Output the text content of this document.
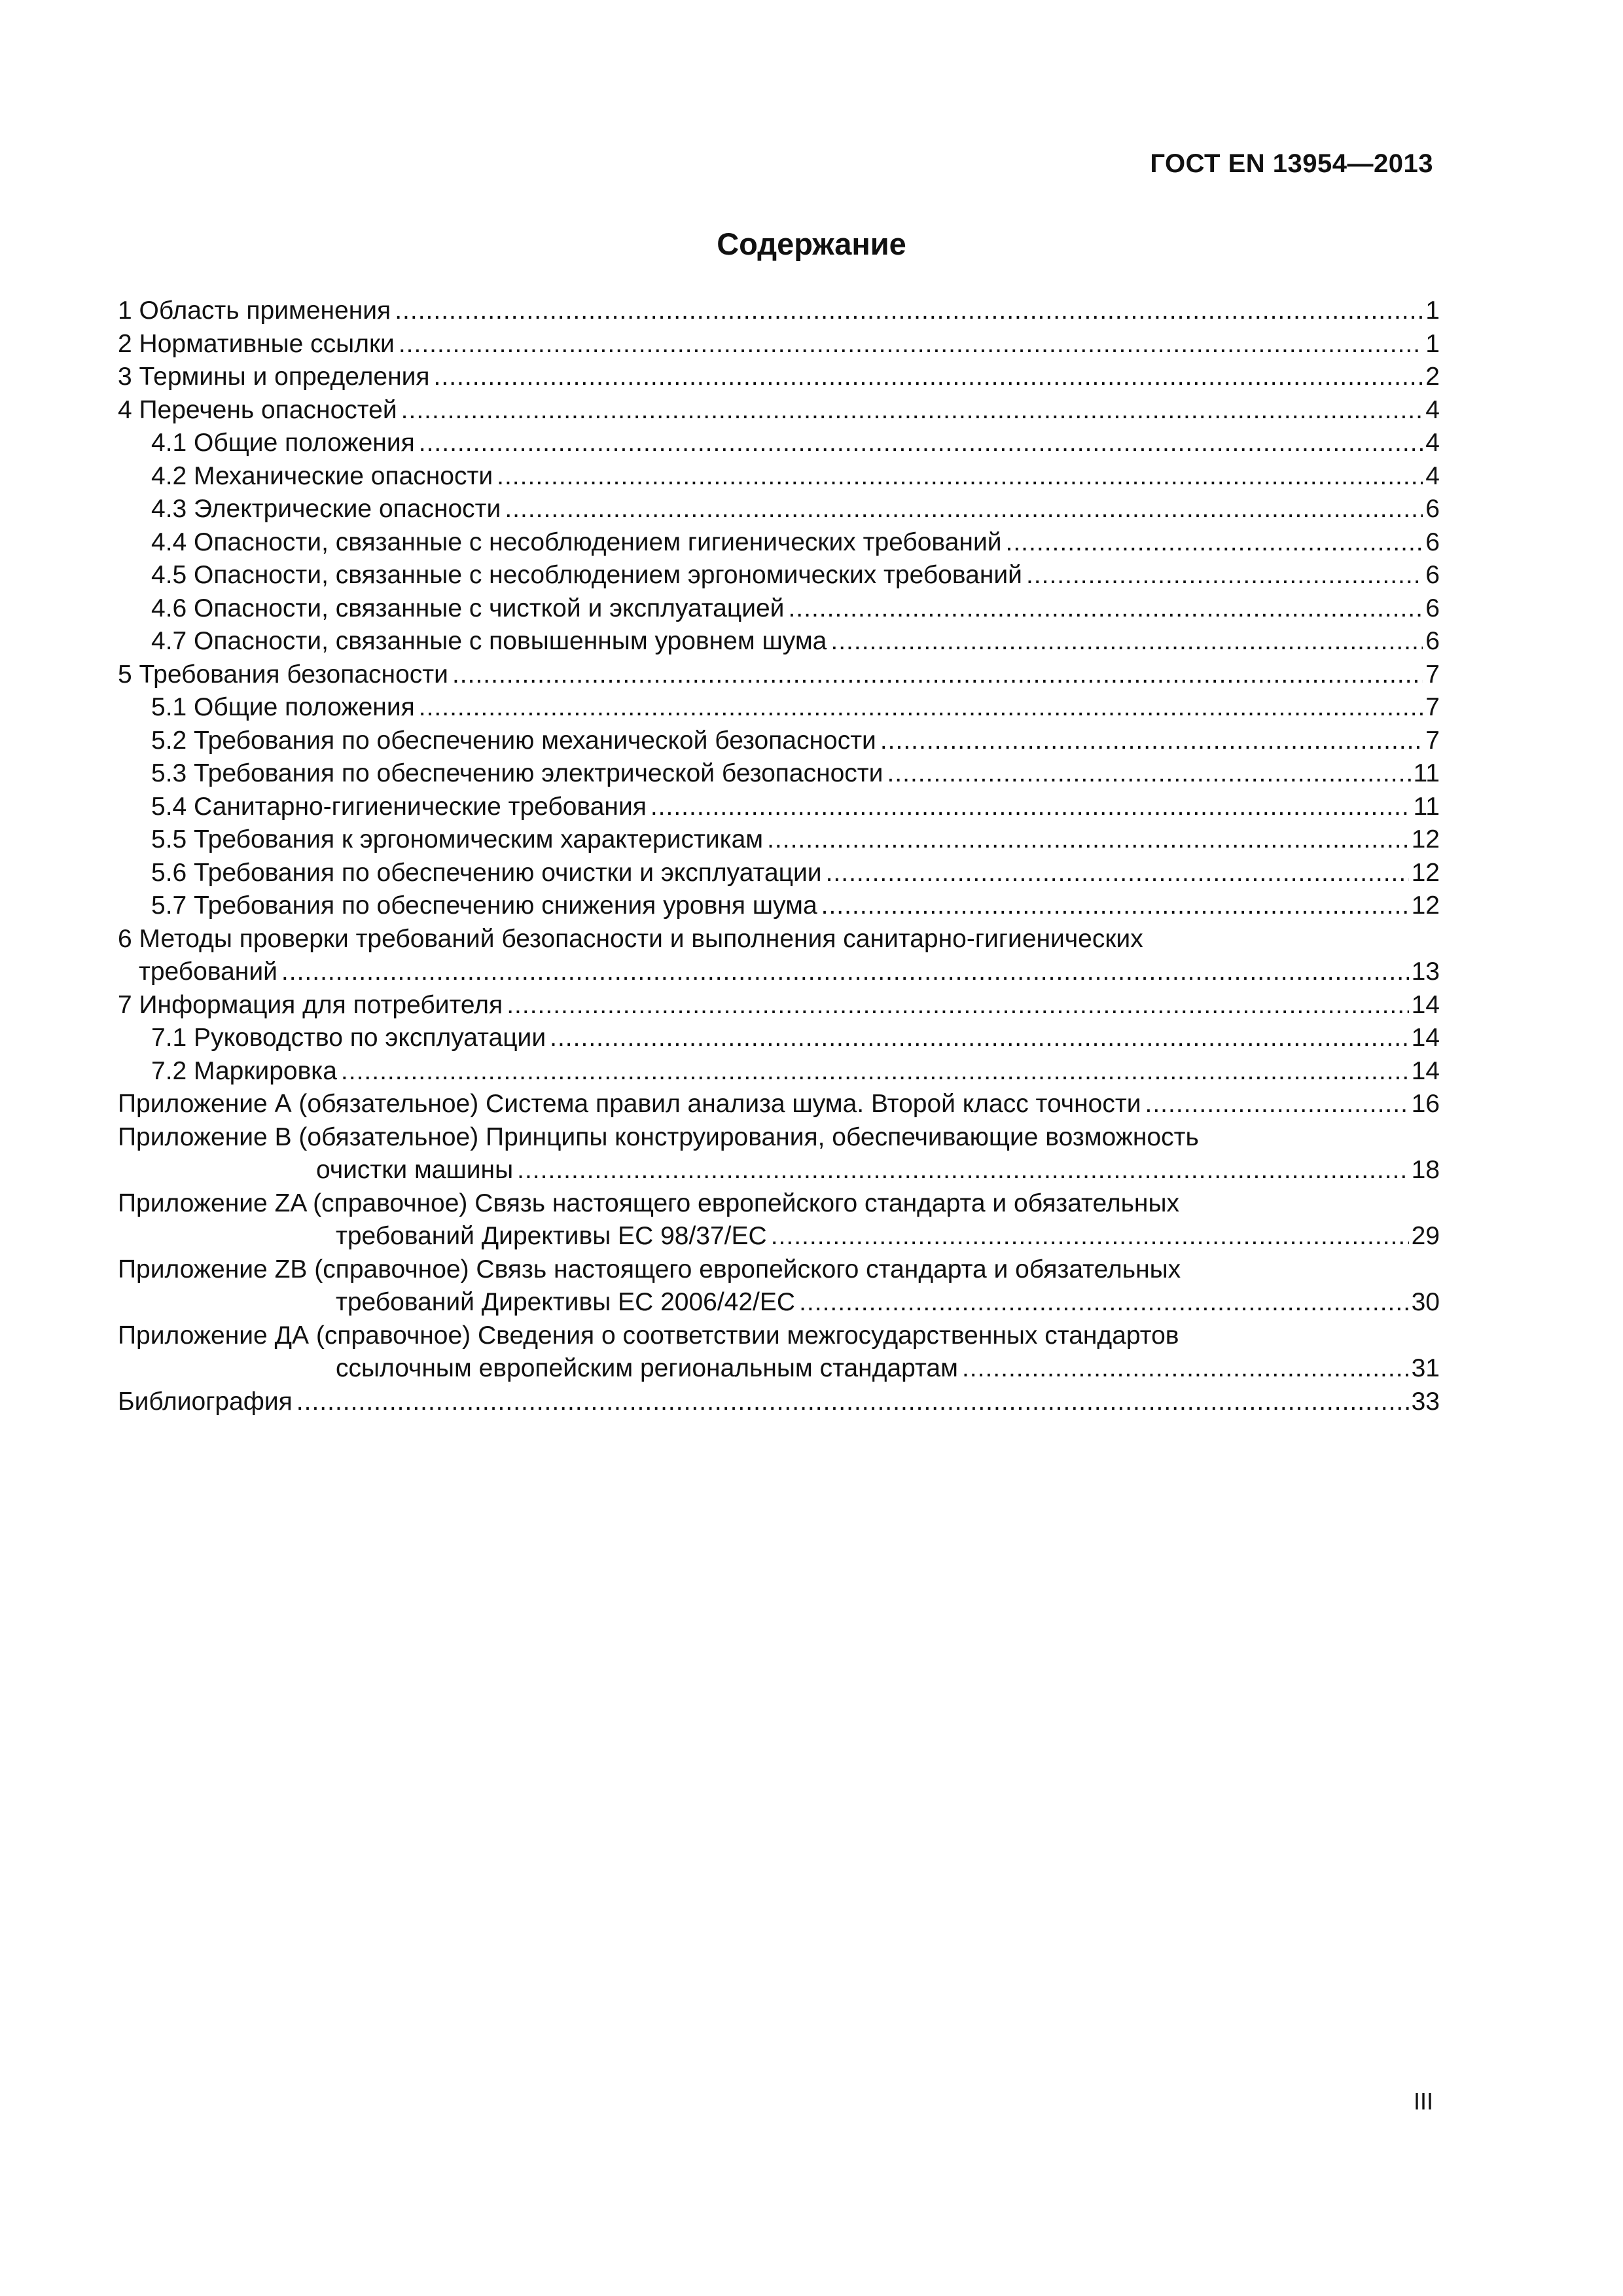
ГОСТ EN 13954—2013
Содержание
1 Область применения .....	1
2 Нормативные ссылки .....	1
3 Термины и определения .....	2
4 Перечень опасностей .....	4
4.1 Общие положения .....	4
4.2 Механические опасности .....	4
4.3 Электрические опасности .....	6
4.4 Опасности, связанные с несоблюдением гигиенических требований .....	6
4.5 Опасности, связанные с несоблюдением эргономических требований .....	6
4.6 Опасности, связанные с чисткой и эксплуатацией .....	6
4.7 Опасности, связанные с повышенным уровнем шума .....	6
5 Требования безопасности .....	7
5.1 Общие положения .....	7
5.2 Требования по обеспечению механической безопасности .....	7
5.3 Требования по обеспечению электрической безопасности .....	11
5.4 Санитарно-гигиенические требования .....	11
5.5 Требования к эргономическим характеристикам .....	12
5.6 Требования по обеспечению очистки и эксплуатации .....	12
5.7 Требования по обеспечению снижения уровня шума .....	12
6 Методы проверки требований безопасности и выполнения санитарно-гигиенических
требований .....	13
7 Информация для потребителя .....	14
7.1 Руководство по эксплуатации .....	14
7.2 Маркировка .....	14
Приложение А (обязательное) Система правил анализа шума. Второй класс точности .....	16
Приложение В (обязательное) Принципы конструирования, обеспечивающие возможность
очистки машины .....	18
Приложение ZA (справочное) Связь настоящего европейского стандарта и обязательных
требований Директивы ЕС 98/37/ЕС .....	29
Приложение ZB (справочное) Связь настоящего европейского стандарта и обязательных
требований Директивы ЕС 2006/42/ЕС .....	30
Приложение ДА (справочное) Сведения о соответствии межгосударственных стандартов
ссылочным европейским региональным стандартам .....	31
Библиография .....	33
III
